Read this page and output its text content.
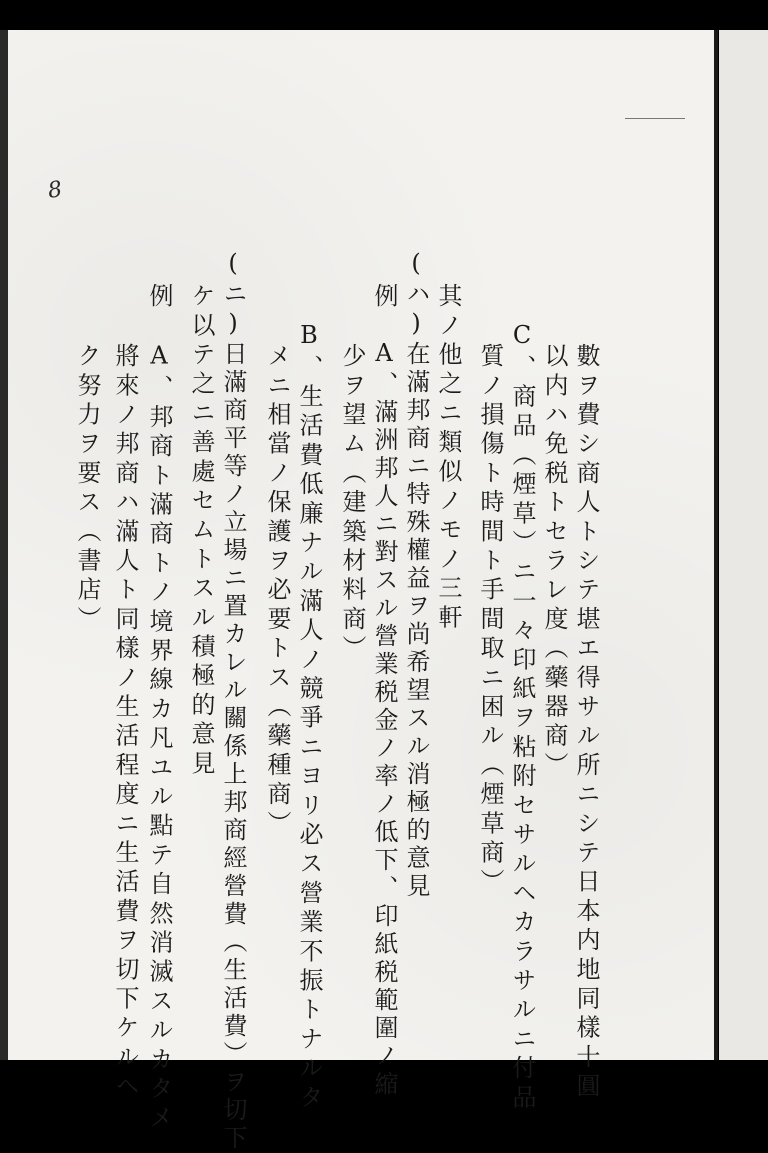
8
數ヲ費シ商人トシテ堪エ得サル所ニシテ日本内地同樣十圓
以内ハ免税トセラレ度（藥器商）
C、商品（煙草）ニ一々印紙ヲ粘附セサルヘカラサルニ付品
質ノ損傷ト時間ト手間取ニ困ル（煙草商）
其ノ他之ニ類似ノモノ三軒
(ハ)在滿邦商ニ特殊權益ヲ尚希望スル消極的意見
例　A、滿洲邦人ニ對スル營業税金ノ率ノ低下、印紙税範圍ノ縮
少ヲ望ム（建築材料商）
B、生活費低廉ナル滿人ノ競爭ニヨリ必ス營業不振トナルタ
メニ相當ノ保護ヲ必要トス（藥種商）
(ニ)日滿商平等ノ立場ニ置カレル關係上邦商經營費（生活費）ヲ切下
ケ以テ之ニ善處セムトスル積極的意見
例　A、邦商ト滿商トノ境界線カ凡ユル點テ自然消滅スルカタメ
將來ノ邦商ハ滿人ト同樣ノ生活程度ニ生活費ヲ切下ケルヘ
ク努力ヲ要ス（書店）
